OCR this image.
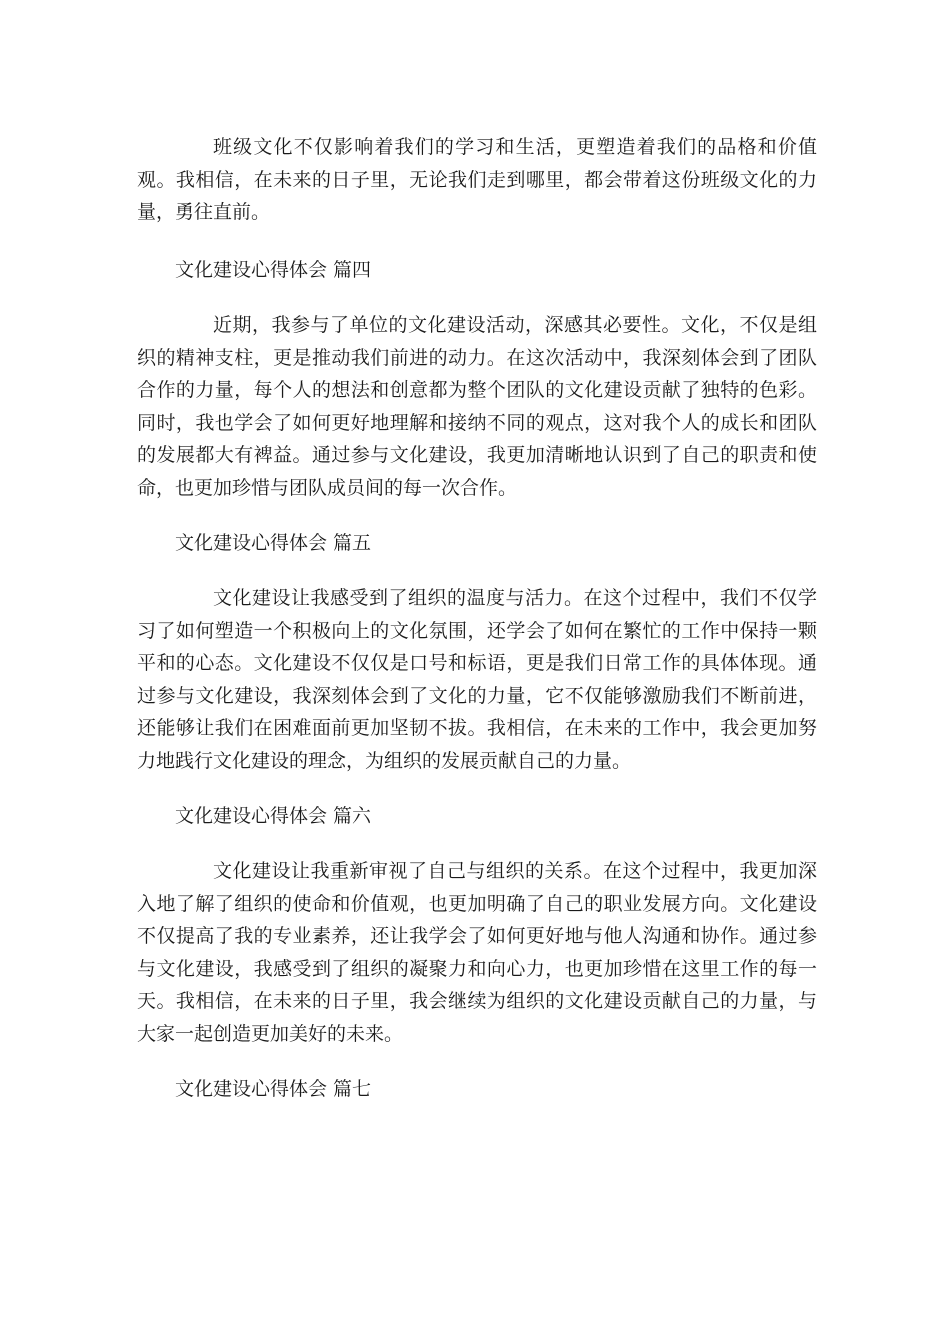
班级文化不仅影响着我们的学习和生活，更塑造着我们的品格和价值观。我相信，在未来的日子里，无论我们走到哪里，都会带着这份班级文化的力量，勇往直前。

文化建设心得体会 篇四

近期，我参与了单位的文化建设活动，深感其必要性。文化，不仅是组织的精神支柱，更是推动我们前进的动力。在这次活动中，我深刻体会到了团队合作的力量，每个人的想法和创意都为整个团队的文化建设贡献了独特的色彩。同时，我也学会了如何更好地理解和接纳不同的观点，这对我个人的成长和团队的发展都大有裨益。通过参与文化建设，我更加清晰地认识到了自己的职责和使命，也更加珍惜与团队成员间的每一次合作。

文化建设心得体会 篇五

文化建设让我感受到了组织的温度与活力。在这个过程中，我们不仅学习了如何塑造一个积极向上的文化氛围，还学会了如何在繁忙的工作中保持一颗平和的心态。文化建设不仅仅是口号和标语，更是我们日常工作的具体体现。通过参与文化建设，我深刻体会到了文化的力量，它不仅能够激励我们不断前进，还能够让我们在困难面前更加坚韧不拔。我相信，在未来的工作中，我会更加努力地践行文化建设的理念，为组织的发展贡献自己的力量。

文化建设心得体会 篇六

文化建设让我重新审视了自己与组织的关系。在这个过程中，我更加深入地了解了组织的使命和价值观，也更加明确了自己的职业发展方向。文化建设不仅提高了我的专业素养，还让我学会了如何更好地与他人沟通和协作。通过参与文化建设，我感受到了组织的凝聚力和向心力，也更加珍惜在这里工作的每一天。我相信，在未来的日子里，我会继续为组织的文化建设贡献自己的力量，与大家一起创造更加美好的未来。

文化建设心得体会 篇七
